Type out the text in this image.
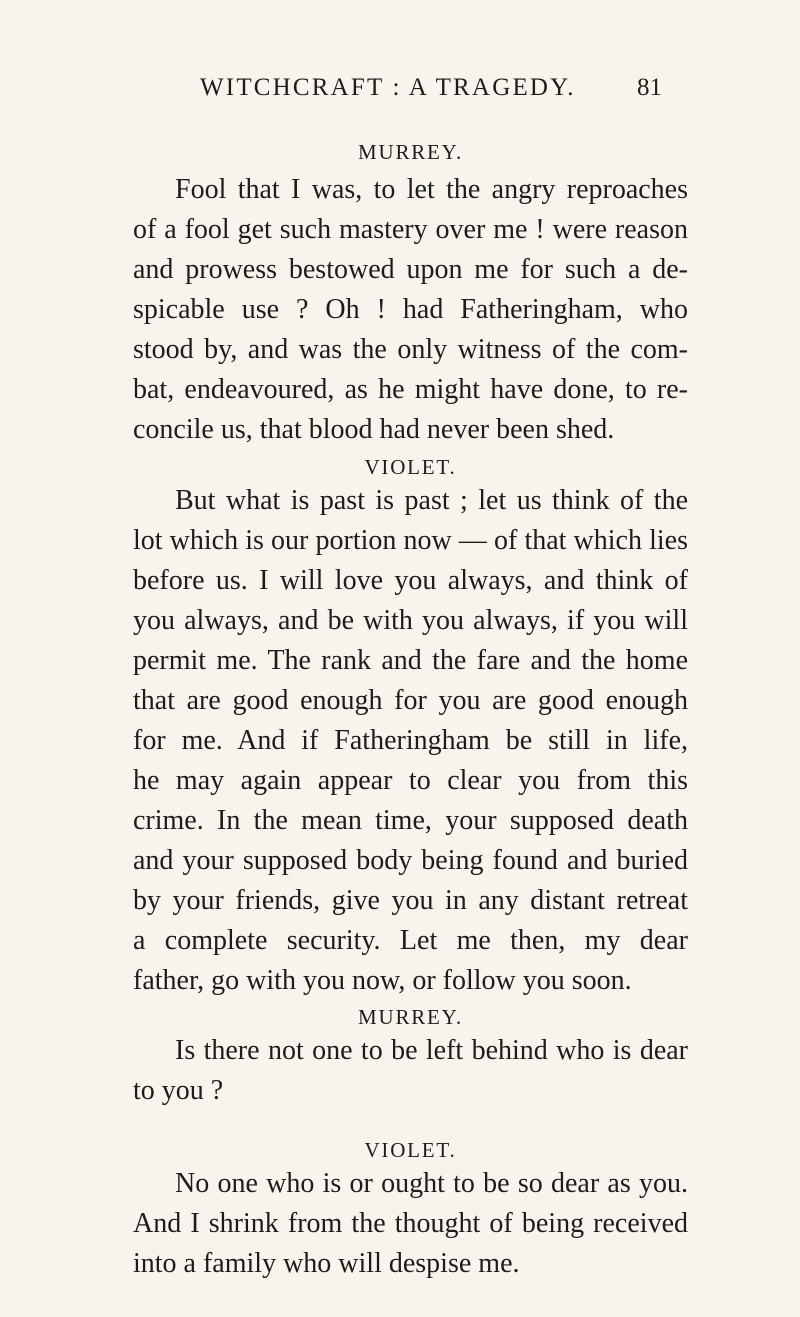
WITCHCRAFT : A TRAGEDY. 81

MURREY.

Fool that I was, to let the angry reproaches

of a fool get such mastery over me ! were reason

and prowess bestowed upon me for such a de-

spicable use ? Oh ! had Fatheringham, who

stood by, and was the only witness of the com-

bat, endeavoured, as he might have done, to re-

concile us, that blood had never been shed.

VIOLET.

But what is past is past ; let us think of the

lot which is our portion now — of that which lies

before us. I will love you always, and think of

you always, and be with you always, if you will

permit me. The rank and the fare and the home

that are good enough for you are good enough

for me. And if Fatheringham be still in life,

he may again appear to clear you from this

crime. In the mean time, your supposed death

and your supposed body being found and buried

by your friends, give you in any distant retreat

a complete security. Let me then, my dear

father, go with you now, or follow you soon.

MURREY.

Is there not one to be left behind who is dear

to you ?

VIOLET.

No one who is or ought to be so dear as you.

And I shrink from the thought of being received

into a family who will despise me.
